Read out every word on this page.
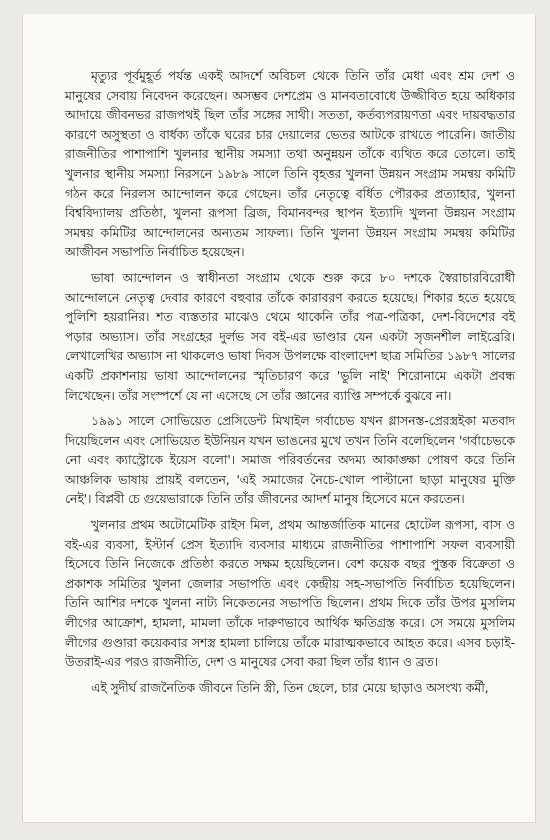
মৃত্যুর পূর্বমুহূর্ত পর্যন্ত একই আদর্শে অবিচল থেকে তিনি তাঁর মেধা এবং শ্রম দেশ ও মানুষের সেবায় নিবেদন করেছেন। অসম্ভব দেশপ্রেম ও মানবতাবোধে উজ্জীবিত হয়ে অধিকার আদায়ে জীবনভর রাজপথই ছিল তাঁর সঙ্গের সাথী। সততা, কর্তব্যপরায়ণতা এবং দায়বদ্ধতার কারণে অসুস্থতা ও বার্ধক্য তাঁকে ঘরের চার দেয়ালের ভেতর আটকে রাখতে পারেনি। জাতীয় রাজনীতির পাশাপাশি খুলনার স্থানীয় সমস্যা তথা অনুন্নয়ন তাঁকে ব্যথিত করে তোলে। তাই খুলনার স্থানীয় সমস্যা নিরসনে ১৯৮৯ সালে তিনি বৃহত্তর খুলনা উন্নয়ন সংগ্রাম সমন্বয় কমিটি গঠন করে নিরলস আন্দোলন করে গেছেন। তাঁর নেতৃত্বে বর্ধিত পৌরকর প্রত্যাহার, খুলনা বিশ্ববিদ্যালয় প্রতিষ্ঠা, খুলনা রূপসা ব্রিজ, বিমানবন্দর স্থাপন ইত্যাদি খুলনা উন্নয়ন সংগ্রাম সমন্বয় কমিটির আন্দোলনের অন্যতম সাফল্য। তিনি খুলনা উন্নয়ন সংগ্রাম সমন্বয় কমিটির আজীবন সভাপতি নির্বাচিত হয়েছেন।

ভাষা আন্দোলন ও স্বাধীনতা সংগ্রাম থেকে শুরু করে ৮০ দশকে স্বৈরাচারবিরোধী আন্দোলনে নেতৃত্ব দেবার কারণে বহুবার তাঁকে কারাবরণ করতে হয়েছে। শিকার হতে হয়েছে পুলিশি হয়রানির। শত ব্যস্ততার মাঝেও থেমে থাকেনি তাঁর পত্র-পত্রিকা, দেশ-বিদেশের বই পড়ার অভ্যাস। তাঁর সংগ্রহের দুর্লভ সব বই-এর ভাণ্ডার যেন একটা সৃজনশীল লাইব্রেরি। লেখালেখির অভ্যাস না থাকলেও ভাষা দিবস উপলক্ষে বাংলাদেশ ছাত্র সমিতির ১৯৮৭ সালের একটি প্রকাশনায় ভাষা আন্দোলনের স্মৃতিচারণ করে 'ভুলি নাই' শিরোনামে একটা প্রবন্ধ লিখেছেন। তাঁর সংস্পর্শে যে না এসেছে সে তাঁর জ্ঞানের ব্যাপ্তি সম্পর্কে বুঝবে না।

১৯৯১ সালে সোভিয়েত প্রেসিডেন্ট মিখাইল গর্বাচেভ যখন গ্লাসনস্ত-প্রেরস্ত্রইকা মতবাদ দিয়েছিলেন এবং সোভিয়েত ইউনিয়ন যখন ভাঙনের মুখে তখন তিনি বলেছিলেন 'গর্বাচেভকে নো এবং ক্যাস্ট্রোকে ইয়েস বলো'। সমাজ পরিবর্তনের অদম্য আকাঙ্ক্ষা পোষণ করে তিনি আঞ্চলিক ভাষায় প্রায়ই বলতেন, 'এই সমাজের নৈচে-খোল পাল্টানো ছাড়া মানুষের মুক্তি নেই'। বিপ্লবী চে গুয়েভারাকে তিনি তাঁর জীবনের আদর্শ মানুষ হিসেবে মনে করতেন।

খুলনার প্রথম অটোমেটিক রাইস মিল, প্রথম আন্তর্জাতিক মানের হোটেল রূপসা, বাস ও বই-এর ব্যবসা, ইস্টার্ন প্রেস ইত্যাদি ব্যবসার মাধ্যমে রাজনীতির পাশাপাশি সফল ব্যবসায়ী হিসেবে তিনি নিজেকে প্রতিষ্ঠা করতে সক্ষম হয়েছিলেন। বেশ কয়েক বছর পুস্তক বিক্রেতা ও প্রকাশক সমিতির খুলনা জেলার সভাপতি এবং কেন্দ্রীয় সহ-সভাপতি নির্বাচিত হয়েছিলেন। তিনি আশির দশকে খুলনা নাট্য নিকেতনের সভাপতি ছিলেন। প্রথম দিকে তাঁর উপর মুসলিম লীগের আক্রোশ, হামলা, মামলা তাঁকে দারুণভাবে আর্থিক ক্ষতিগ্রস্ত করে। সে সময়ে মুসলিম লীগের গুণ্ডারা কয়েকবার সশস্ত্র হামলা চালিয়ে তাঁকে মারাত্মকভাবে আহত করে। এসব চড়াই-উতরাই-এর পরও রাজনীতি, দেশ ও মানুষের সেবা করা ছিল তাঁর ধ্যান ও ব্রত।

এই সুদীর্ঘ রাজনৈতিক জীবনে তিনি স্ত্রী, তিন ছেলে, চার মেয়ে ছাড়াও অসংখ্য কর্মী,
